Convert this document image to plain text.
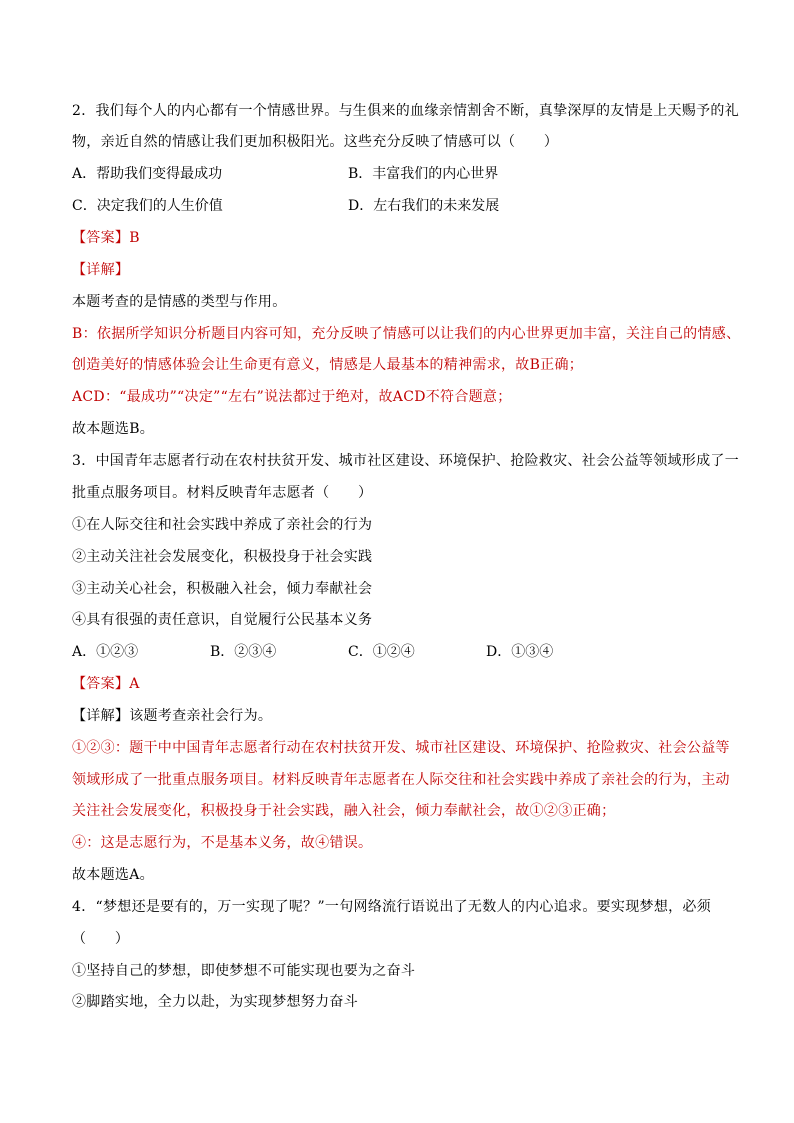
2．我们每个人的内心都有一个情感世界。与生俱来的血缘亲情割舍不断，真挚深厚的友情是上天赐予的礼
物，亲近自然的情感让我们更加积极阳光。这些充分反映了情感可以（　　）
A．帮助我们变得最成功	B．丰富我们的内心世界
C．决定我们的人生价值	D．左右我们的未来发展
【答案】B
【详解】
本题考查的是情感的类型与作用。
B：依据所学知识分析题目内容可知，充分反映了情感可以让我们的内心世界更加丰富，关注自己的情感、
创造美好的情感体验会让生命更有意义，情感是人最基本的精神需求，故B正确；
ACD：“最成功”“决定”“左右”说法都过于绝对，故ACD不符合题意；
故本题选B。
3．中国青年志愿者行动在农村扶贫开发、城市社区建设、环境保护、抢险救灾、社会公益等领域形成了一
批重点服务项目。材料反映青年志愿者（　　）
①在人际交往和社会实践中养成了亲社会的行为
②主动关注社会发展变化，积极投身于社会实践
③主动关心社会，积极融入社会，倾力奉献社会
④具有很强的责任意识，自觉履行公民基本义务
A．①②③	B．②③④	C．①②④	D．①③④
【答案】A
【详解】该题考查亲社会行为。
①②③：题干中中国青年志愿者行动在农村扶贫开发、城市社区建设、环境保护、抢险救灾、社会公益等
领域形成了一批重点服务项目。材料反映青年志愿者在人际交往和社会实践中养成了亲社会的行为，主动
关注社会发展变化，积极投身于社会实践，融入社会，倾力奉献社会，故①②③正确；
④：这是志愿行为，不是基本义务，故④错误。
故本题选A。
4．“梦想还是要有的，万一实现了呢？”一句网络流行语说出了无数人的内心追求。要实现梦想，必须
（　　）
①坚持自己的梦想，即使梦想不可能实现也要为之奋斗
②脚踏实地，全力以赴，为实现梦想努力奋斗
